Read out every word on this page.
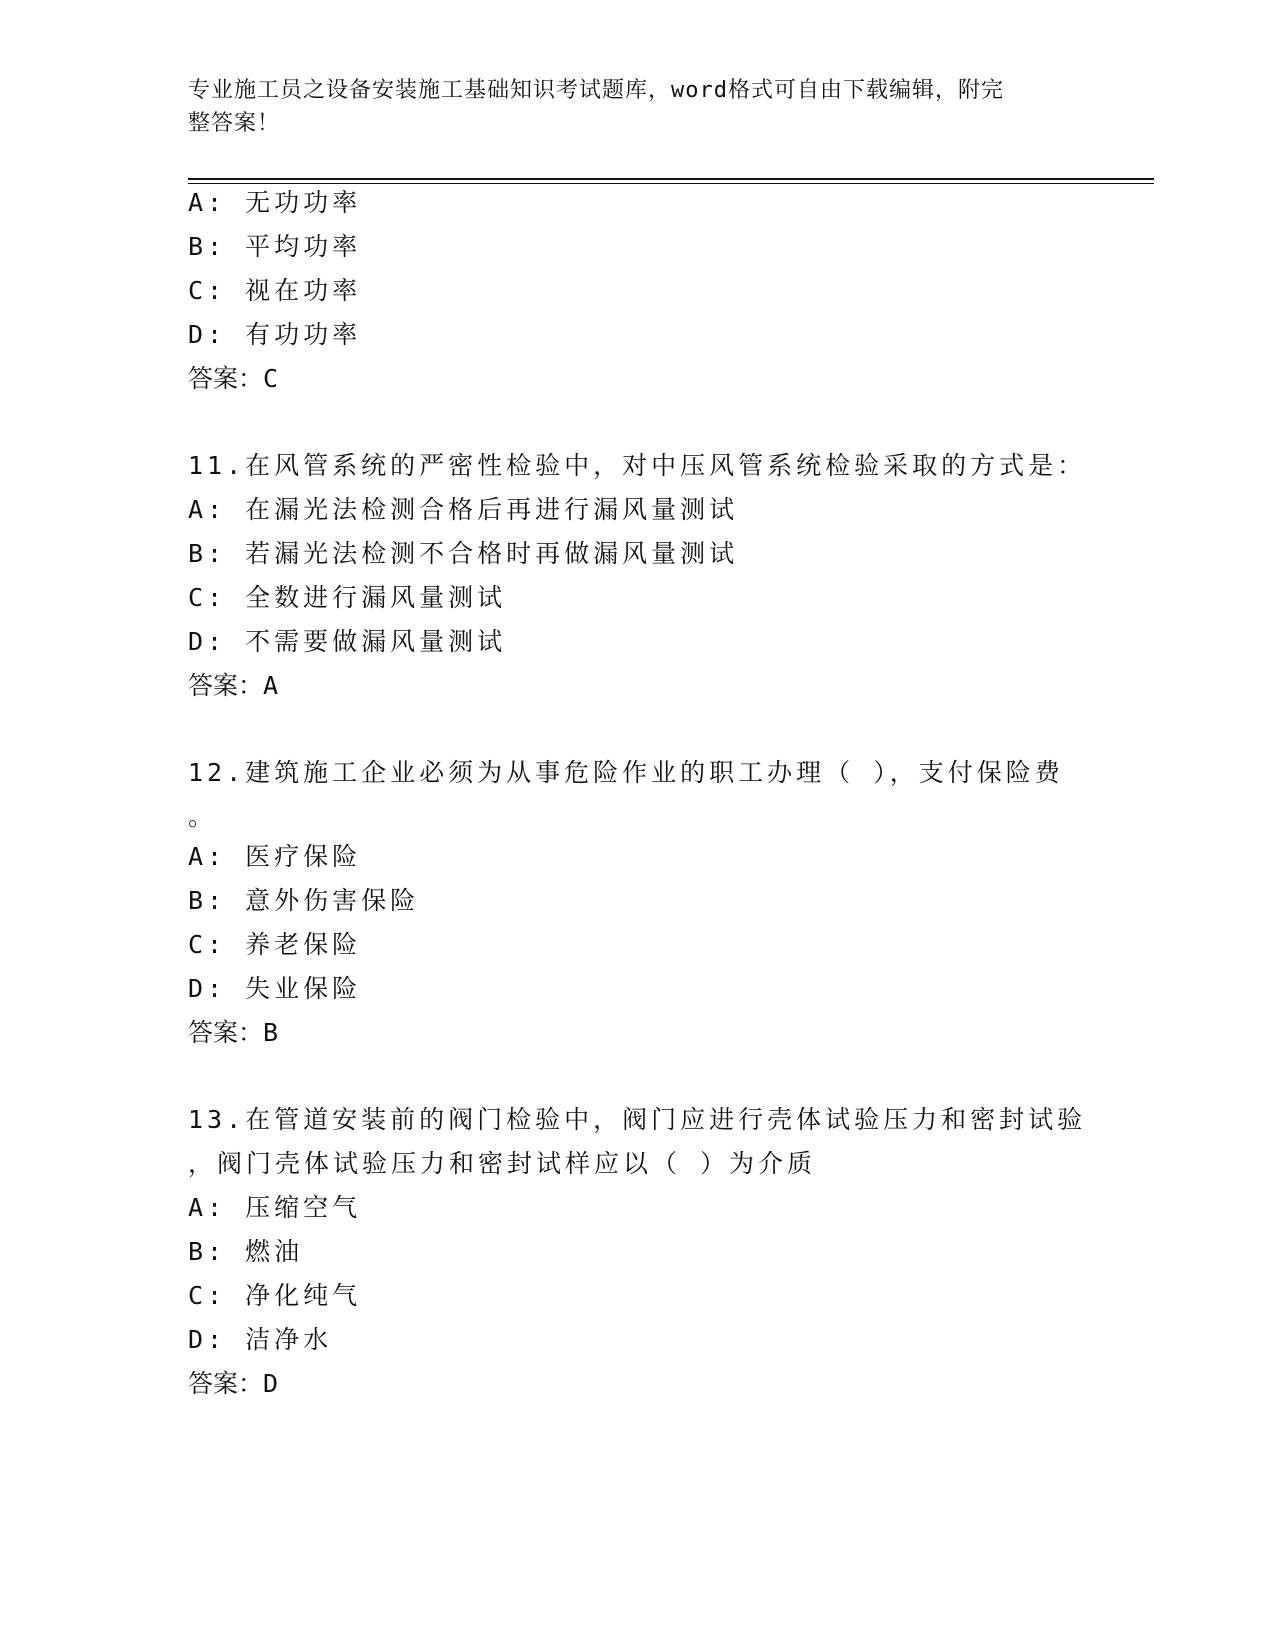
专业施工员之设备安装施工基础知识考试题库，word格式可自由下载编辑，附完
整答案！
A: 无功功率
B: 平均功率
C: 视在功率
D: 有功功率
答案：C
11.在风管系统的严密性检验中，对中压风管系统检验采取的方式是：
A: 在漏光法检测合格后再进行漏风量测试
B: 若漏光法检测不合格时再做漏风量测试
C: 全数进行漏风量测试
D: 不需要做漏风量测试
答案：A
12.建筑施工企业必须为从事危险作业的职工办理（ ），支付保险费
。
A: 医疗保险
B: 意外伤害保险
C: 养老保险
D: 失业保险
答案：B
13.在管道安装前的阀门检验中，阀门应进行壳体试验压力和密封试验
，阀门壳体试验压力和密封试样应以（ ）为介质
A: 压缩空气
B: 燃油
C: 净化纯气
D: 洁净水
答案：D
